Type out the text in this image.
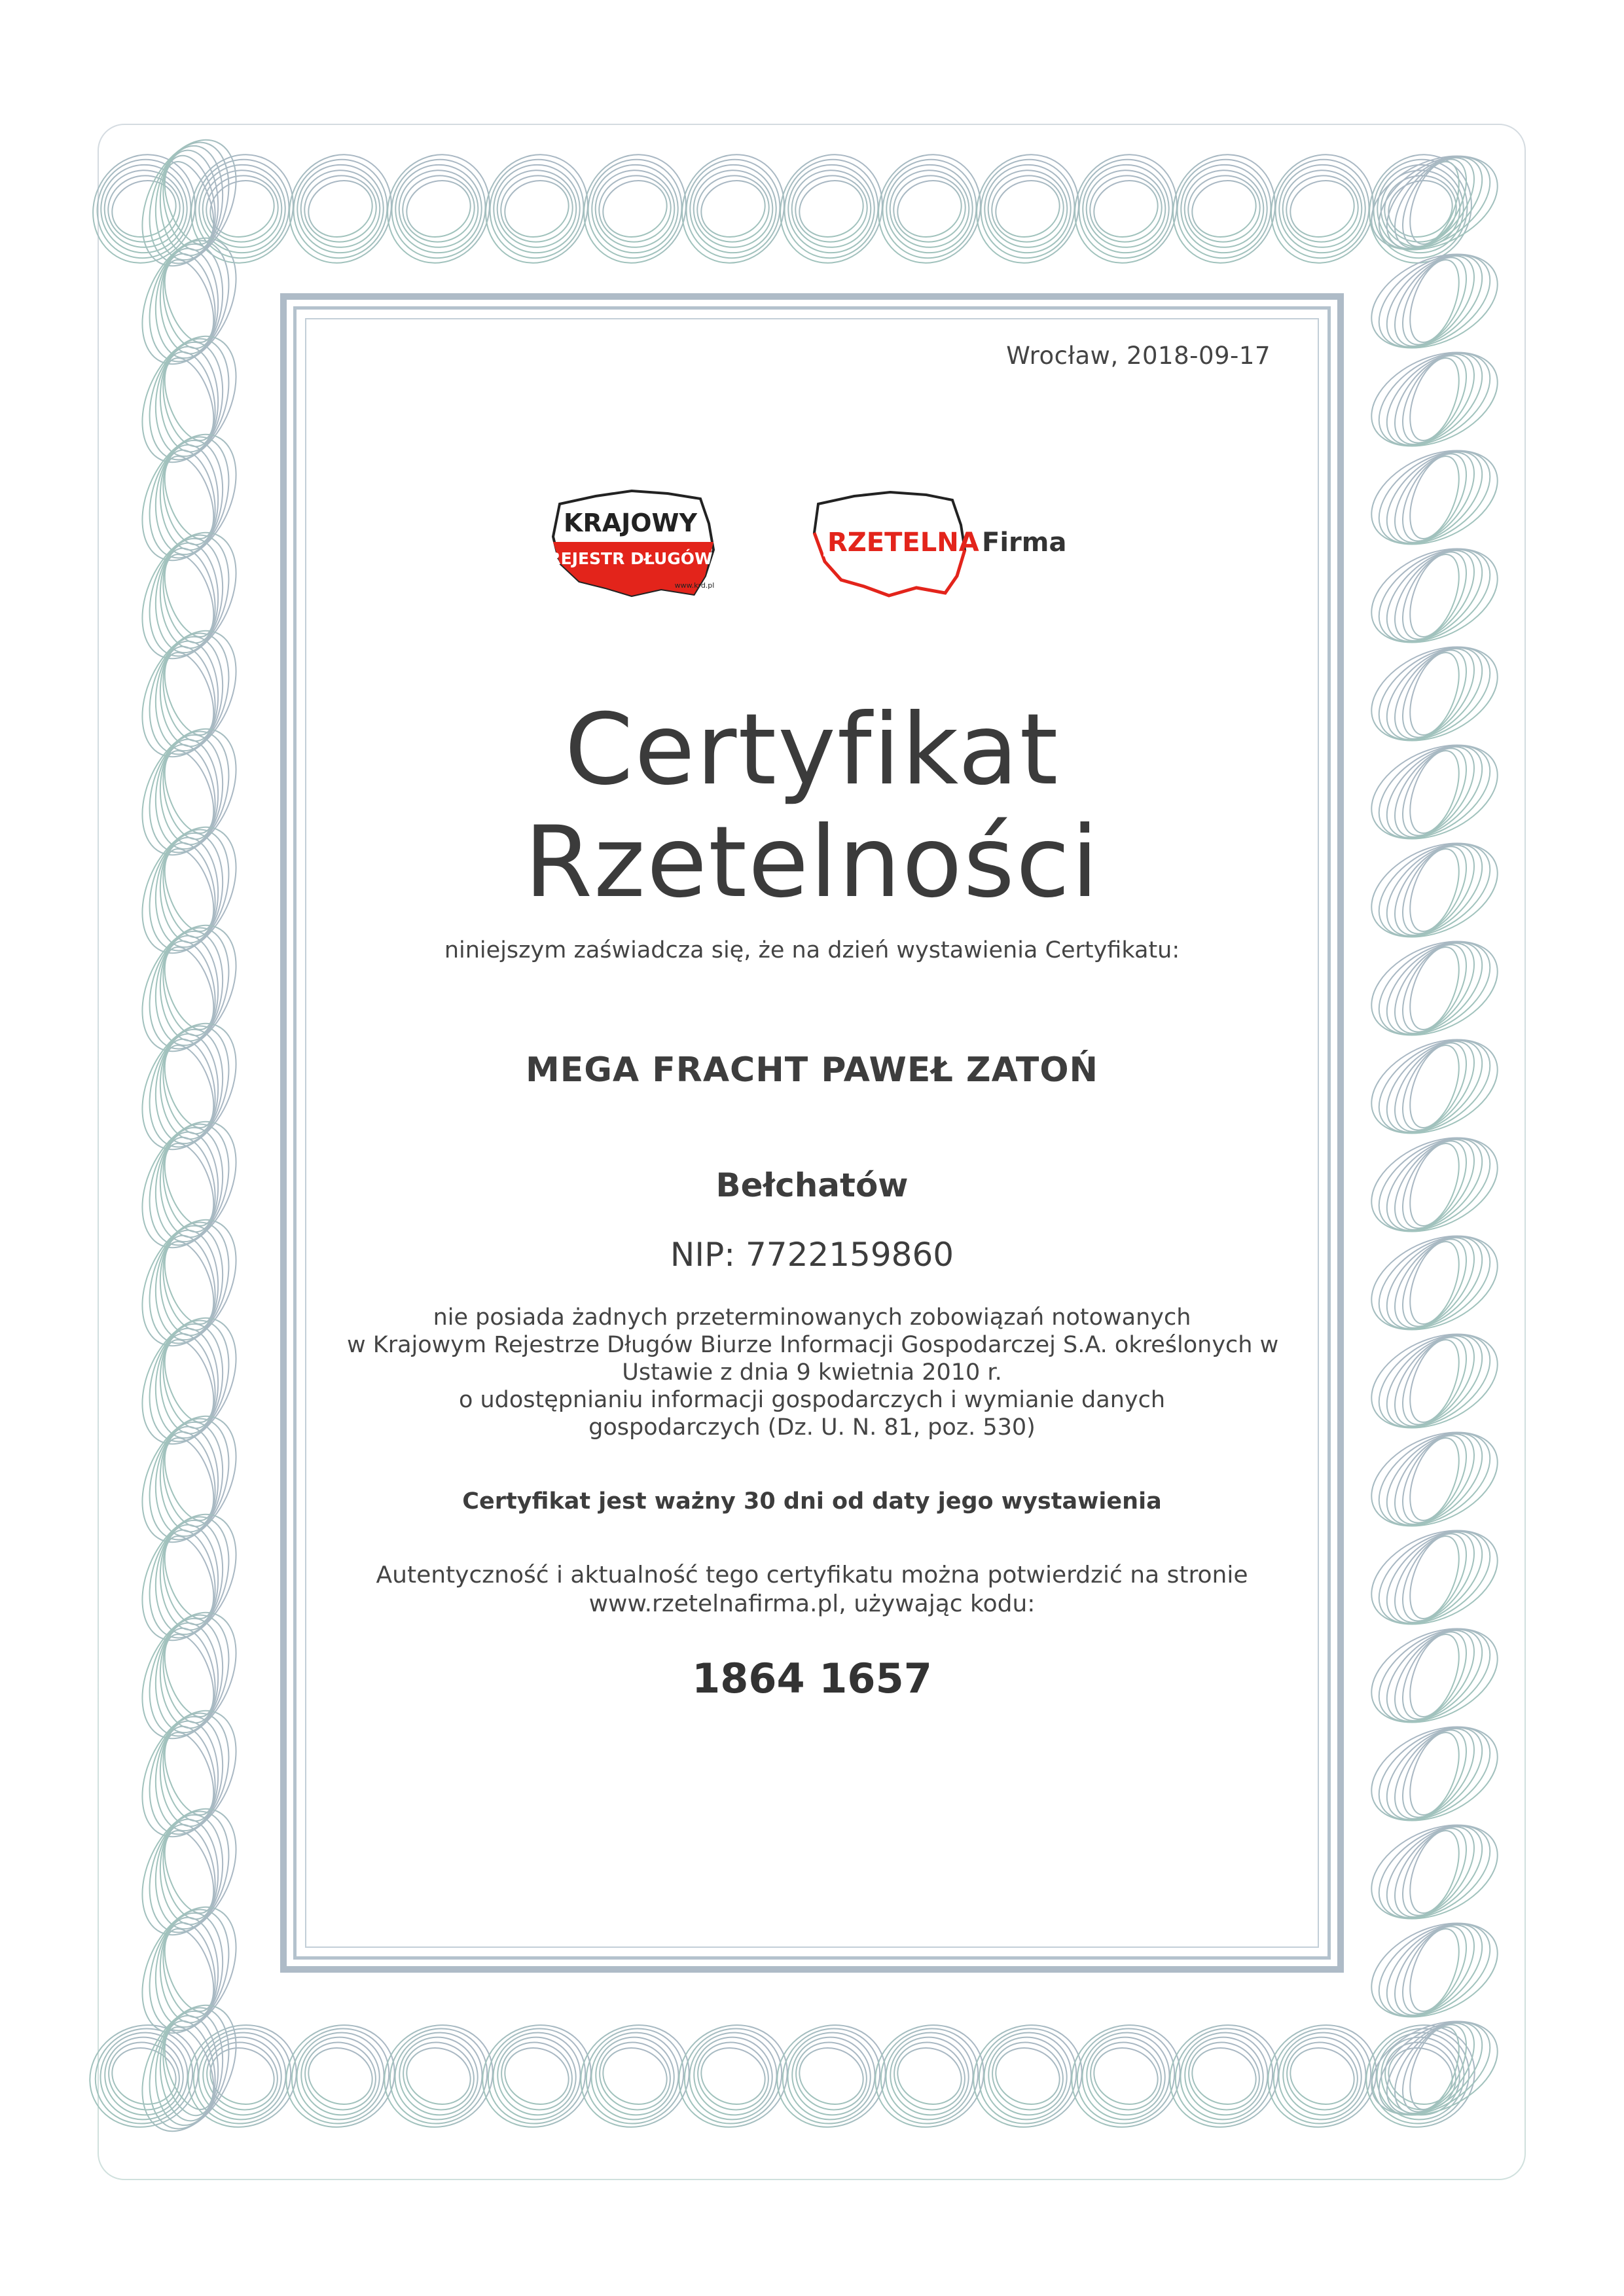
Wrocław, 2018-09-17
KRAJOWY
REJESTR DŁUGÓW
www.krd.pl
RZETELNA Firma
Certyfikat
Rzetelności
niniejszym zaświadcza się, że na dzień wystawienia Certyfikatu:
MEGA FRACHT PAWEŁ ZATOŃ
Bełchatów
NIP: 7722159860
nie posiada żadnych przeterminowanych zobowiązań notowanych
w Krajowym Rejestrze Długów Biurze Informacji Gospodarczej S.A. określonych w
Ustawie z dnia 9 kwietnia 2010 r.
o udostępnianiu informacji gospodarczych i wymianie danych
gospodarczych (Dz. U. N. 81, poz. 530)
Certyfikat jest ważny 30 dni od daty jego wystawienia
Autentyczność i aktualność tego certyfikatu można potwierdzić na stronie
www.rzetelnafirma.pl, używając kodu:
1864 1657
